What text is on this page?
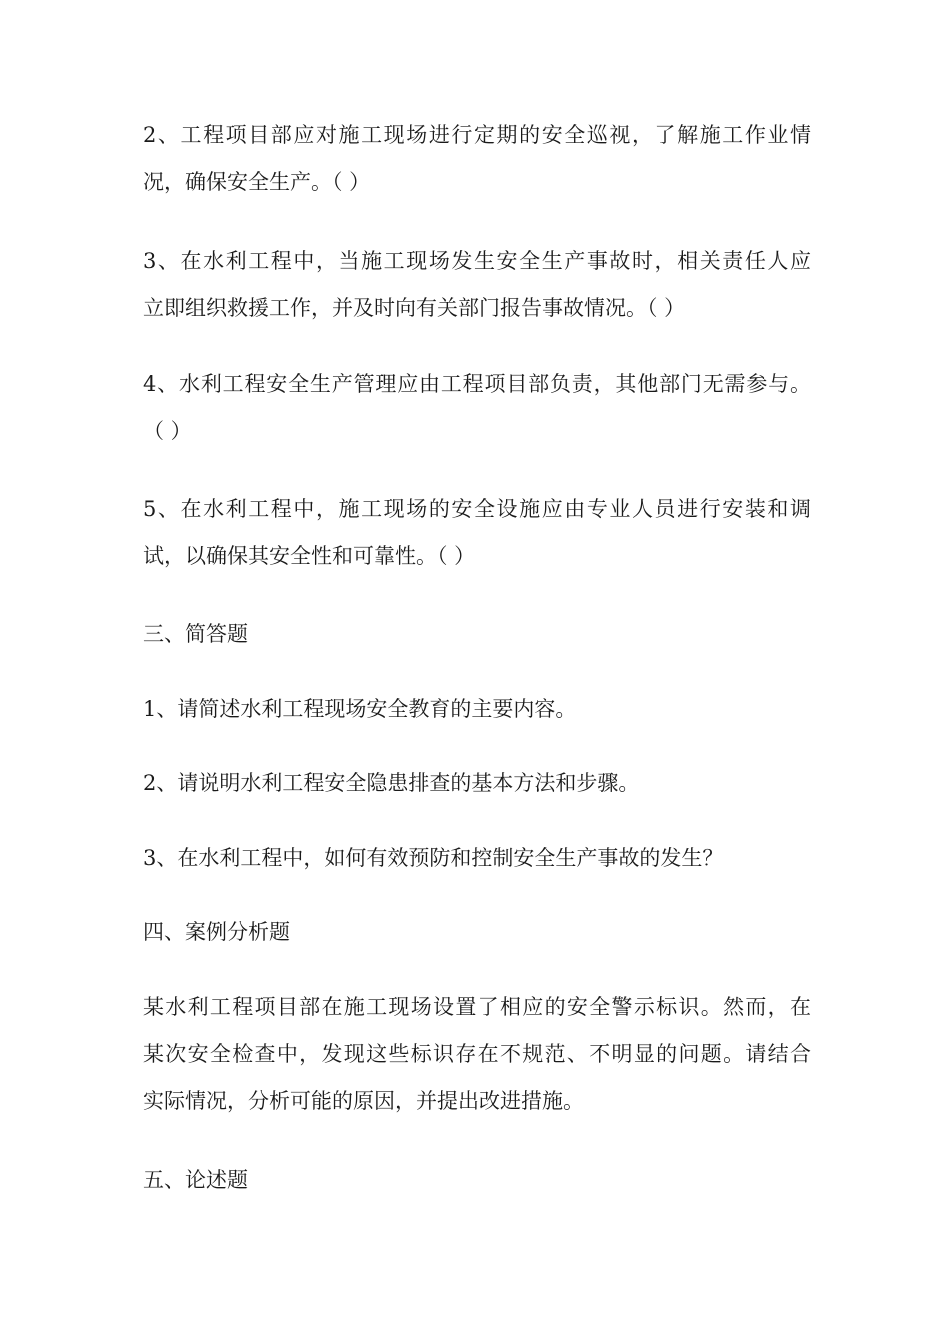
2、工程项目部应对施工现场进行定期的安全巡视，了解施工作业情
况，确保安全生产。（ ）

3、在水利工程中，当施工现场发生安全生产事故时，相关责任人应
立即组织救援工作，并及时向有关部门报告事故情况。（ ）

4、水利工程安全生产管理应由工程项目部负责，其他部门无需参与。
（ ）

5、在水利工程中，施工现场的安全设施应由专业人员进行安装和调
试，以确保其安全性和可靠性。（ ）

三、简答题

1、请简述水利工程现场安全教育的主要内容。

2、请说明水利工程安全隐患排查的基本方法和步骤。

3、在水利工程中，如何有效预防和控制安全生产事故的发生？

四、案例分析题

某水利工程项目部在施工现场设置了相应的安全警示标识。然而，在
某次安全检查中，发现这些标识存在不规范、不明显的问题。请结合
实际情况，分析可能的原因，并提出改进措施。

五、论述题
